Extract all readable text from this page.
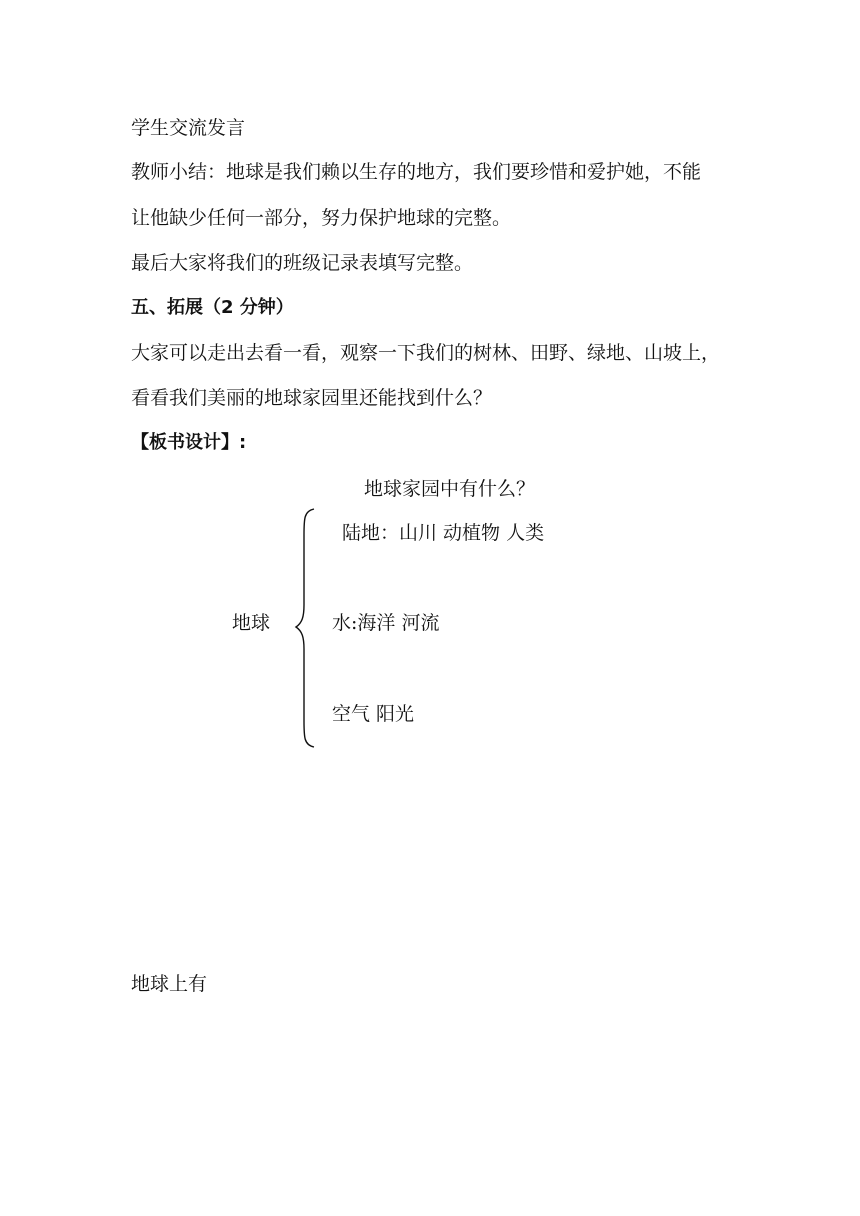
学生交流发言
教师小结：地球是我们赖以生存的地方，我们要珍惜和爱护她，不能
让他缺少任何一部分，努力保护地球的完整。
最后大家将我们的班级记录表填写完整。
五、拓展（2 分钟）
大家可以走出去看一看，观察一下我们的树林、田野、绿地、山坡上，
看看我们美丽的地球家园里还能找到什么？
【板书设计】:
地球家园中有什么？
地球
陆地：山川 动植物 人类
水:海洋 河流
空气 阳光
地球上有
